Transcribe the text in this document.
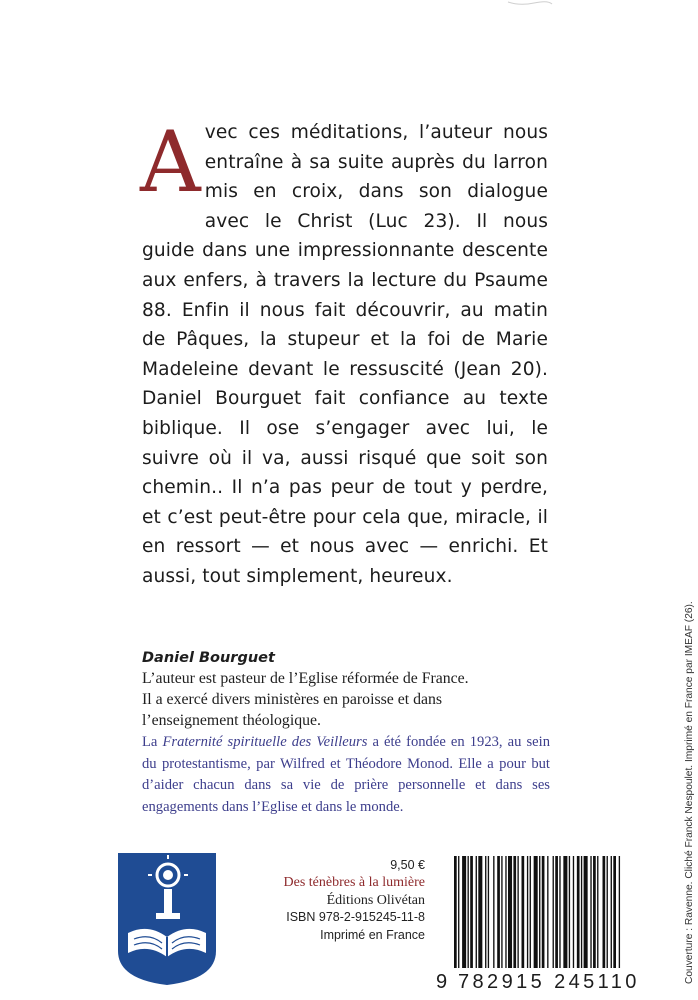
Avec ces méditations, l’auteur nous entraîne à sa suite auprès du larron mis en croix, dans son dialogue avec le Christ (Luc 23). Il nous guide dans une impressionnante descente aux enfers, à travers la lecture du Psaume 88. Enfin il nous fait découvrir, au matin de Pâques, la stupeur et la foi de Marie Madeleine devant le ressuscité (Jean 20). Daniel Bourguet fait confiance au texte biblique. Il ose s’engager avec lui, le suivre où il va, aussi risqué que soit son chemin.. Il n’a pas peur de tout y perdre, et c’est peut-être pour cela que, miracle, il en ressort — et nous avec — enrichi. Et aussi, tout simplement, heureux.
Daniel Bourguet
L’auteur est pasteur de l’Eglise réformée de France.
Il a exercé divers ministères en paroisse et dans
l’enseignement théologique.
La Fraternité spirituelle des Veilleurs a été fondée en 1923, au sein du protestantisme, par Wilfred et Théodore Monod. Elle a pour but d’aider chacun dans sa vie de prière personnelle et dans ses engagements dans l’Eglise et dans le monde.
9,50 €
Des ténèbres à la lumière
Éditions Olivétan
ISBN 978-2-915245-11-8
Imprimé en France
9 782915 245110	Couverture : Ravenne. Cliché Franck Nespoulet. Imprimé en France par IMEAF (26).
